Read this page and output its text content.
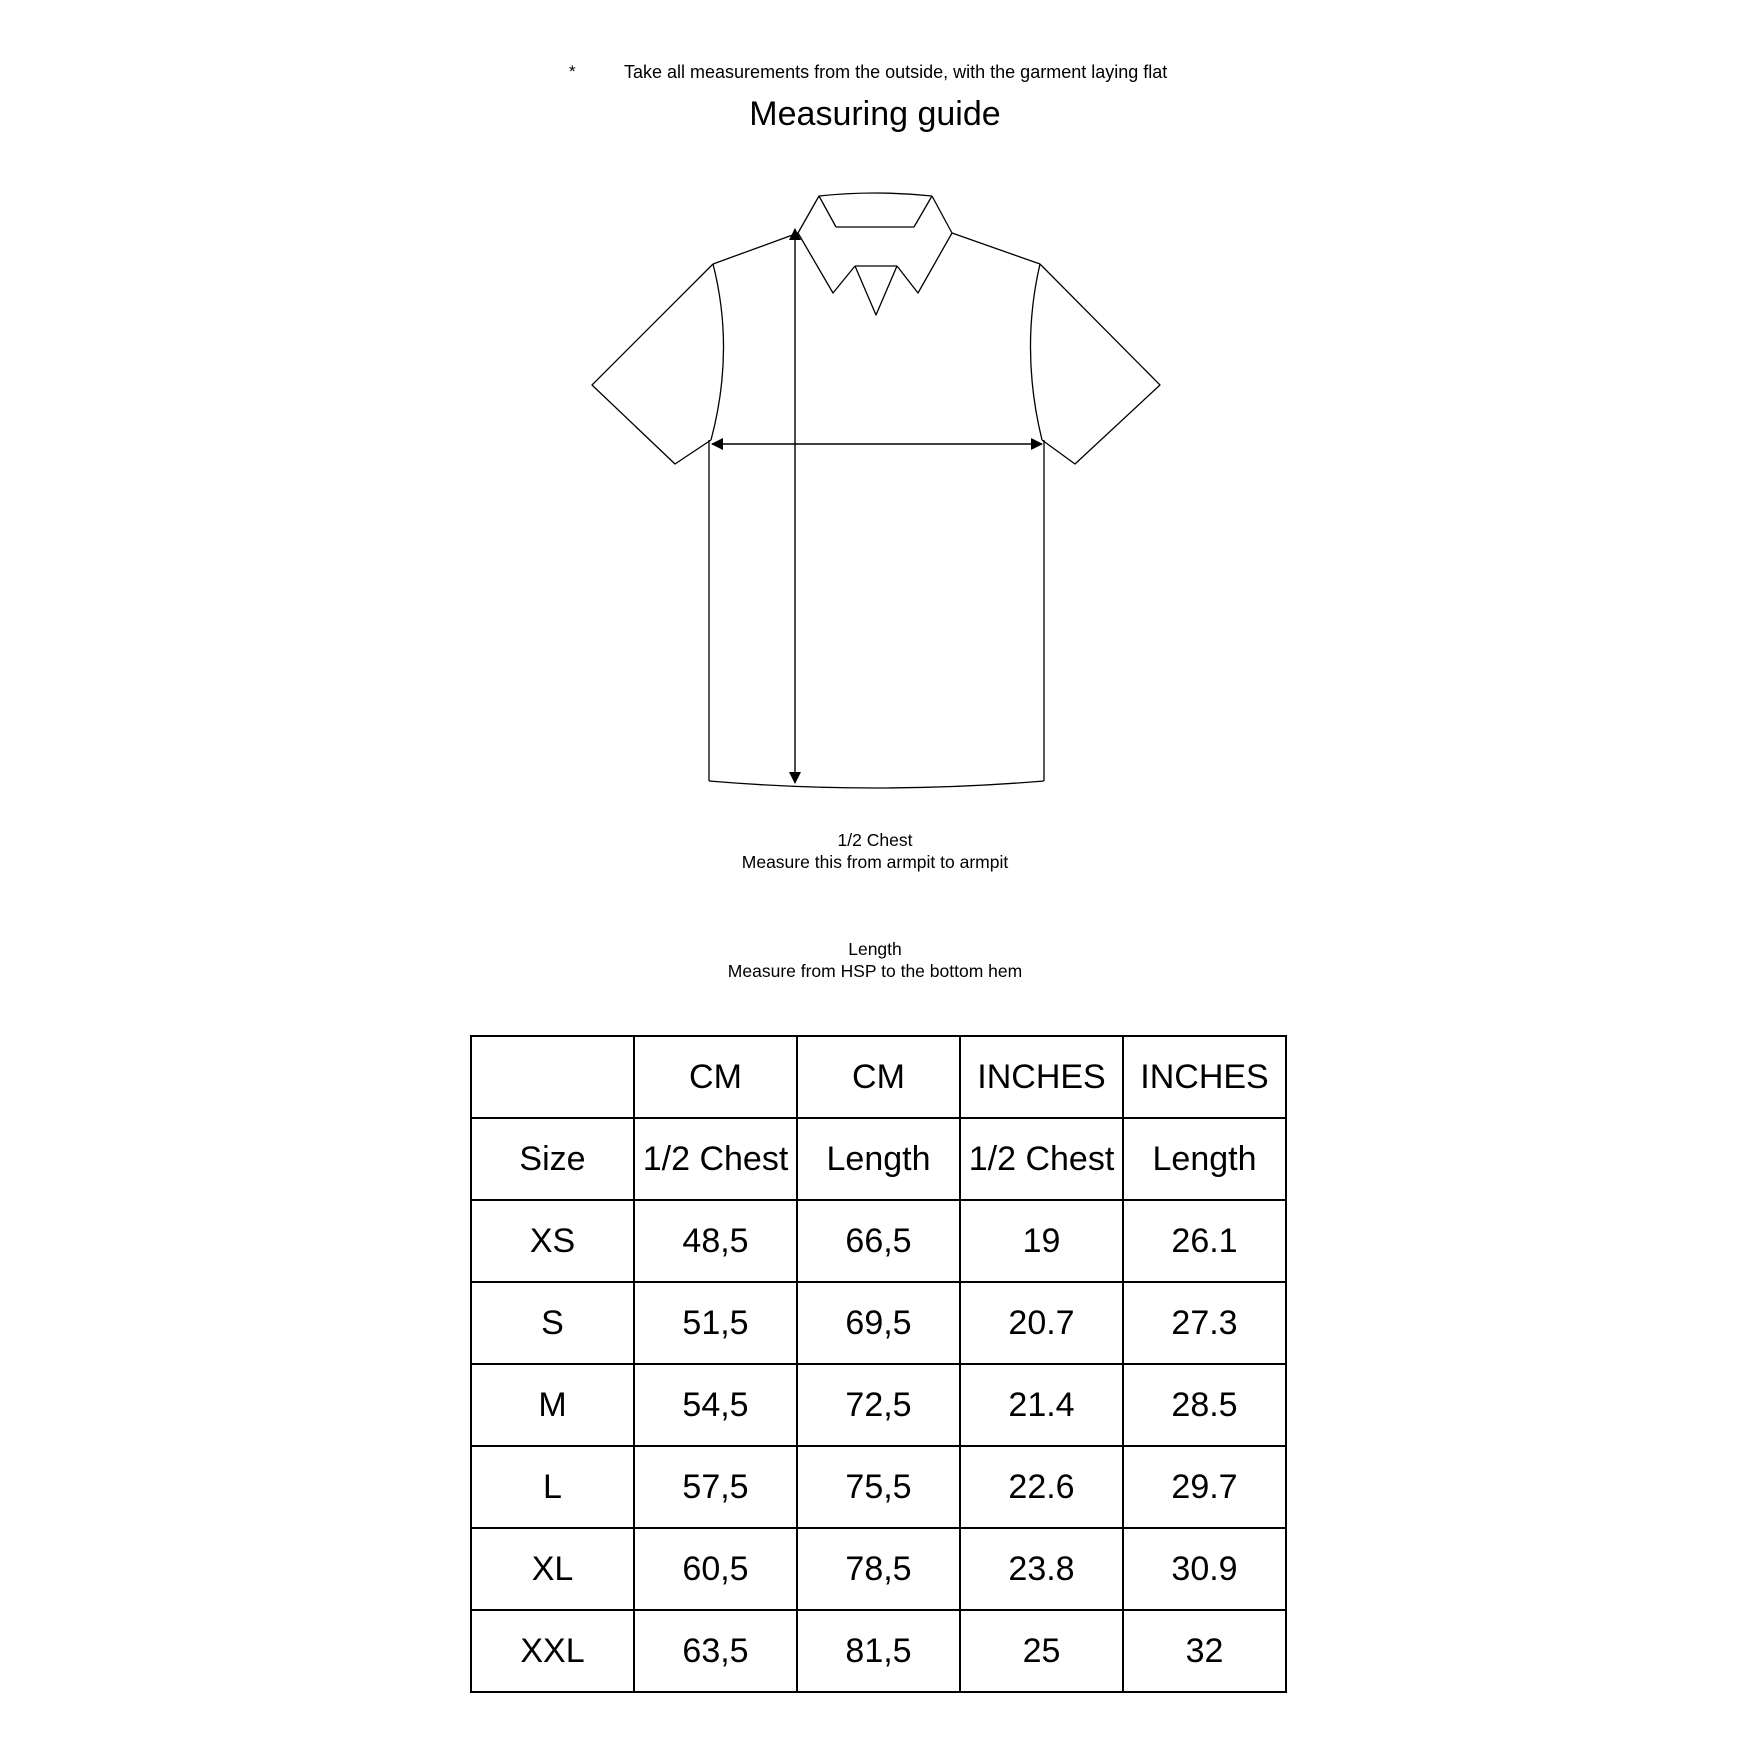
*	Take all measurements from the outside, with the garment laying flat
Measuring guide
1/2 Chest
Measure this from armpit to armpit
Length
Measure from HSP to the bottom hem
	CM	CM	INCHES	INCHES
Size	1/2 Chest	Length	1/2 Chest	Length
XS	48,5	66,5	19	26.1
S	51,5	69,5	20.7	27.3
M	54,5	72,5	21.4	28.5
L	57,5	75,5	22.6	29.7
XL	60,5	78,5	23.8	30.9
XXL	63,5	81,5	25	32
